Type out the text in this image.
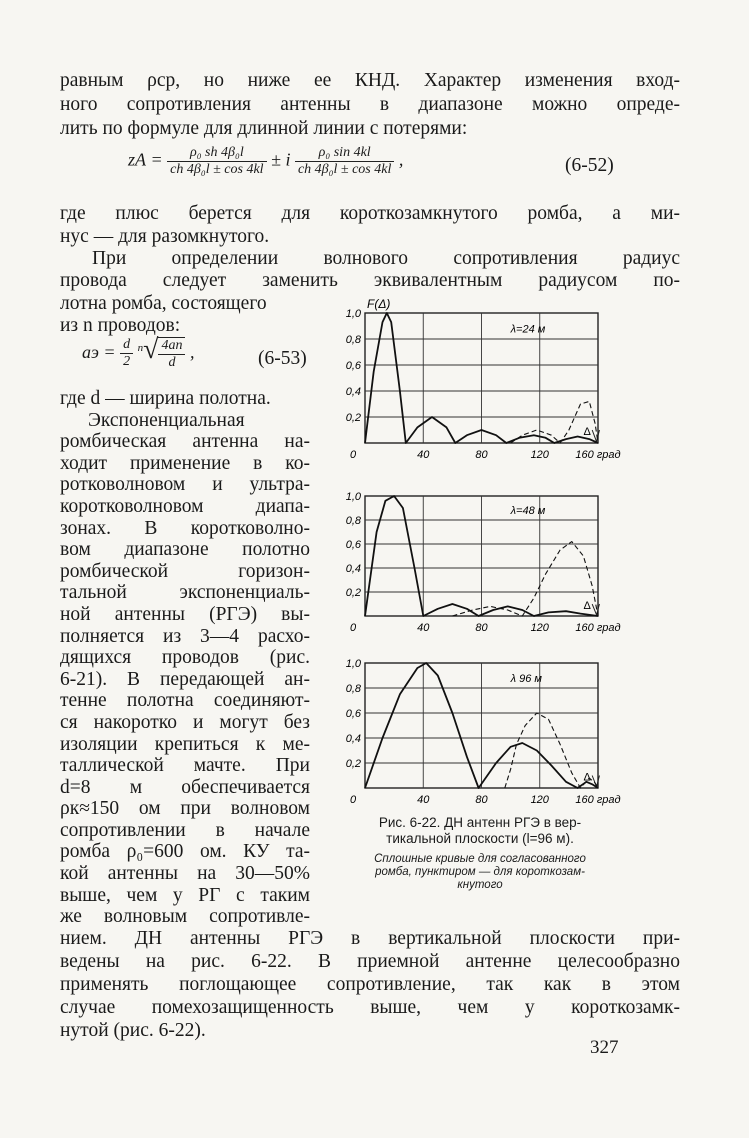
равным ρср, но ниже ее КНД. Характер изменения вход-
ного сопротивления антенны в диапазоне можно опреде-
лить по формуле для длинной линии с потерями:
zА = $\frac{\text{ρ₀ sh 4β₀l}}{\text{ch 4β₀l ± cos 4kl}} \pm i \frac{\text{ρ₀ sin 4kl}}{\text{ch 4β₀l ± cos 4kl}}$ ,	(6-52)
где плюс берется для короткозамкнутого ромба, а ми-
нус — для разомкнутого.
При определении волнового сопротивления радиус
провода следует заменить эквивалентным радиусом по-
лотна ромба, состоящего
из n проводов:
aэ = $\frac{d}{2} ^n√ \frac{4an}{d}$ ,	(6-53)
где d — ширина полотна.
Экспоненциальная
ромбическая антенна на-
ходит применение в ко-
ротковолновом и ультра-
коротковолновом диапа-
зонах. В коротковолно-
вом диапазоне полотно
ромбической горизон-
тальной экспоненциаль-
ной антенны (РГЭ) вы-
полняется из 3—4 расхо-
дящихся проводов (рис.
6-21). В передающей ан-
тенне полотна соединяют-
ся накоротко и могут без
изоляции крепиться к ме-
таллической мачте. При
d=8 м обеспечивается
ρк≈150 ом при волновом
сопротивлении в начале
ромба ρ₀=600 ом. КУ та-
кой антенны на 30—50%
выше, чем у РГ с таким
же волновым сопротивле-
нием. ДН антенны РГЭ в вертикальной плоскости при-
ведены на рис. 6-22. В приемной антенне целесообразно
применять поглощающее сопротивление, так как в этом
случае помехозащищенность выше, чем у короткозамк-
нутой (рис. 6-22).
1,0
0,8
0,6
0,4
0,2
0	40	80	120 160 град
F(Δ)
λ=24 м
Δ
1,0
0,8
0,6
0,4
0,2
0	40	80	120 160 град
λ=48 м
Δ
1,0
0,8
0,6
0,4
0,2
0	40	80	120 160 град
λ 96 м
Δ
Рис. 6-22. ДН антенн РГЭ в вер-
тикальной плоскости (l=96 м).
Сплошные кривые для согласованного
ромба, пунктиром — для короткозам-
кнутого
327
